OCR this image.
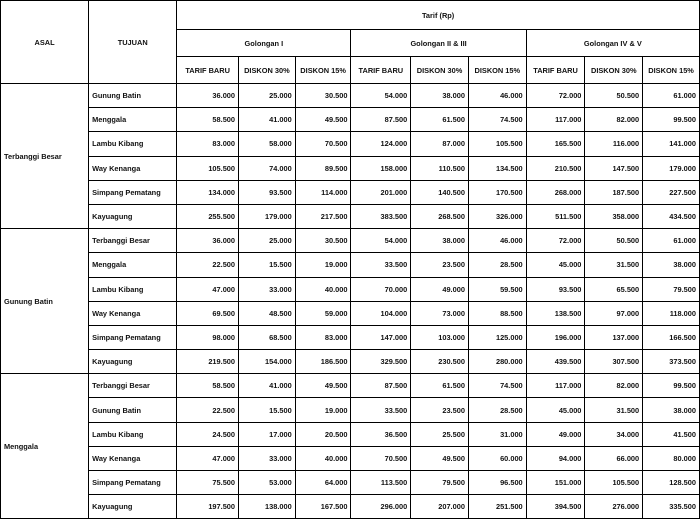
ASAL	TUJUAN	Tarif (Rp)								
		Golongan I			Golongan II & III			Golongan IV & V		
		TARIF BARU	DISKON 30%	DISKON 15%	TARIF BARU	DISKON 30%	DISKON 15%	TARIF BARU	DISKON 30%	DISKON 15%
Terbanggi Besar	Gunung Batin	36.000	25.000	30.500	54.000	38.000	46.000	72.000	50.500	61.000
	Menggala	58.500	41.000	49.500	87.500	61.500	74.500	117.000	82.000	99.500
	Lambu Kibang	83.000	58.000	70.500	124.000	87.000	105.500	165.500	116.000	141.000
	Way Kenanga	105.500	74.000	89.500	158.000	110.500	134.500	210.500	147.500	179.000
	Simpang Pematang	134.000	93.500	114.000	201.000	140.500	170.500	268.000	187.500	227.500
	Kayuagung	255.500	179.000	217.500	383.500	268.500	326.000	511.500	358.000	434.500
Gunung Batin	Terbanggi Besar	36.000	25.000	30.500	54.000	38.000	46.000	72.000	50.500	61.000
	Menggala	22.500	15.500	19.000	33.500	23.500	28.500	45.000	31.500	38.000
	Lambu Kibang	47.000	33.000	40.000	70.000	49.000	59.500	93.500	65.500	79.500
	Way Kenanga	69.500	48.500	59.000	104.000	73.000	88.500	138.500	97.000	118.000
	Simpang Pematang	98.000	68.500	83.000	147.000	103.000	125.000	196.000	137.000	166.500
	Kayuagung	219.500	154.000	186.500	329.500	230.500	280.000	439.500	307.500	373.500
Menggala	Terbanggi Besar	58.500	41.000	49.500	87.500	61.500	74.500	117.000	82.000	99.500
	Gunung Batin	22.500	15.500	19.000	33.500	23.500	28.500	45.000	31.500	38.000
	Lambu Kibang	24.500	17.000	20.500	36.500	25.500	31.000	49.000	34.000	41.500
	Way Kenanga	47.000	33.000	40.000	70.500	49.500	60.000	94.000	66.000	80.000
	Simpang Pematang	75.500	53.000	64.000	113.500	79.500	96.500	151.000	105.500	128.500
	Kayuagung	197.500	138.000	167.500	296.000	207.000	251.500	394.500	276.000	335.500
